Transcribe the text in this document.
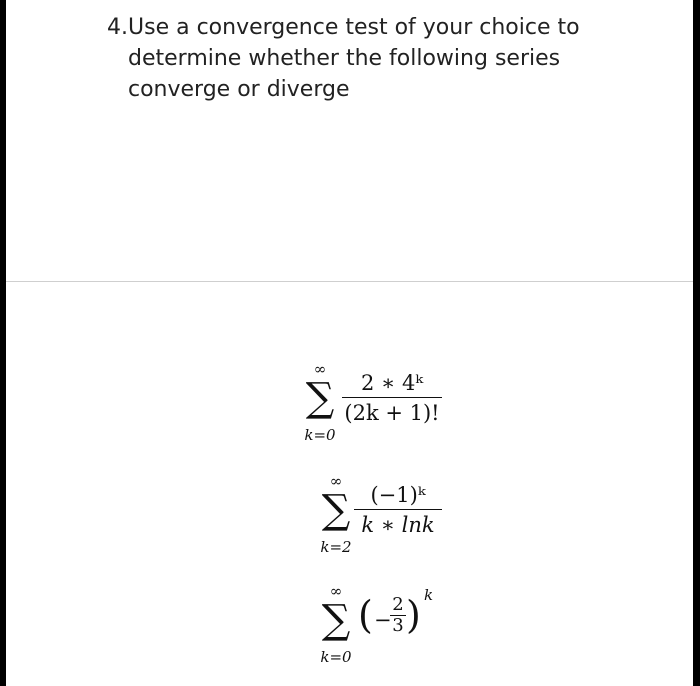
4. Use a convergence test of your choice to
determine whether the following series
converge or diverge
∞
∑
k=0
2 ∗ 4ᵏ
(2k + 1)!
∞
∑
k=2
(−1)ᵏ
k ∗ lnk
∞
∑
k=0
( −
2
3 ) k
